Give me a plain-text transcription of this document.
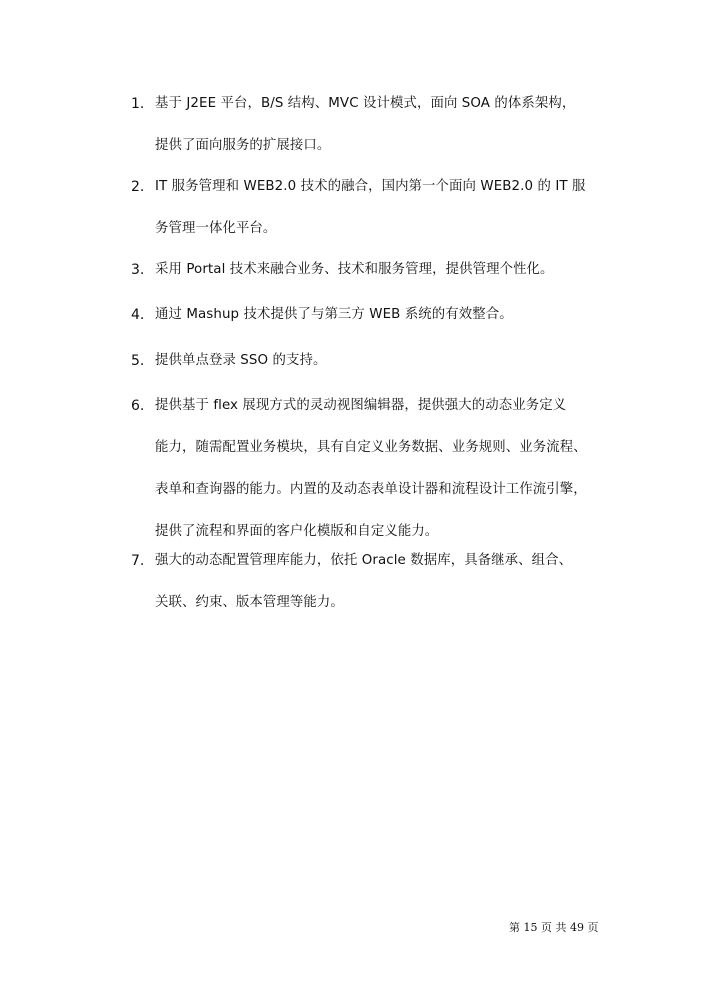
1. 基于 J2EE 平台，B/S 结构、MVC 设计模式，面向 SOA 的体系架构，
提供了面向服务的扩展接口。
2. IT 服务管理和 WEB2.0 技术的融合，国内第一个面向 WEB2.0 的 IT 服
务管理一体化平台。
3. 采用 Portal 技术来融合业务、技术和服务管理，提供管理个性化。
4. 通过 Mashup 技术提供了与第三方 WEB 系统的有效整合。
5. 提供单点登录 SSO 的支持。
6. 提供基于 flex 展现方式的灵动视图编辑器，提供强大的动态业务定义
能力，随需配置业务模块，具有自定义业务数据、业务规则、业务流程、
表单和查询器的能力。内置的及动态表单设计器和流程设计工作流引擎，
提供了流程和界面的客户化模版和自定义能力。
7. 强大的动态配置管理库能力，依托 Oracle 数据库，具备继承、组合、
关联、约束、版本管理等能力。
第 15 页 共 49 页
